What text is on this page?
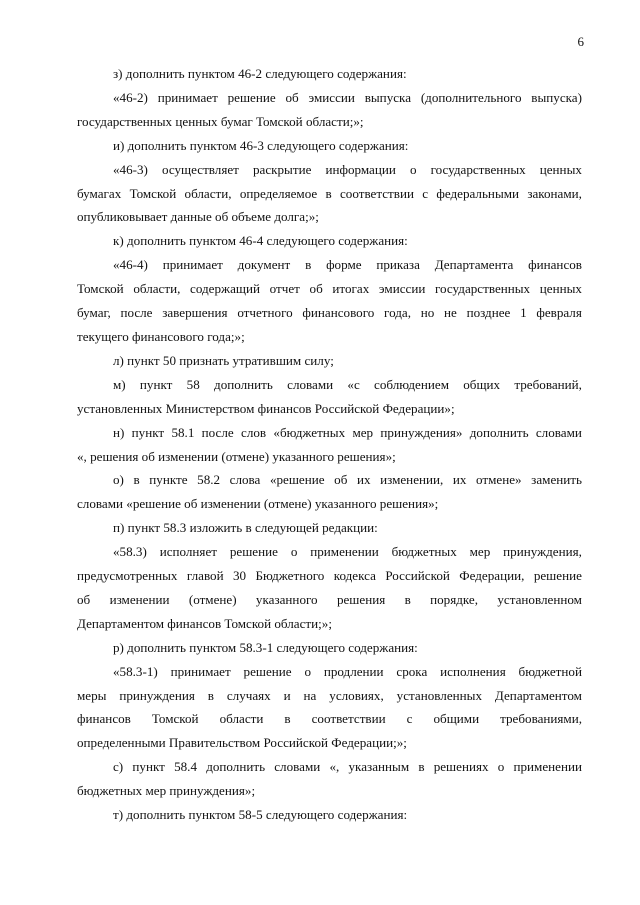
6
з) дополнить пунктом 46-2 следующего содержания:
«46-2) принимает решение об эмиссии выпуска (дополнительного выпуска)
государственных ценных бумаг Томской области;»;
и) дополнить пунктом 46-3 следующего содержания:
«46-3) осуществляет раскрытие информации о государственных ценных
бумагах Томской области, определяемое в соответствии с федеральными законами,
опубликовывает данные об объеме долга;»;
к) дополнить пунктом 46-4 следующего содержания:
«46-4) принимает документ в форме приказа Департамента финансов
Томской области, содержащий отчет об итогах эмиссии государственных ценных
бумаг, после завершения отчетного финансового года, но не позднее 1 февраля
текущего финансового года;»;
л) пункт 50 признать утратившим силу;
м) пункт 58 дополнить словами «с соблюдением общих требований,
установленных Министерством финансов Российской Федерации»;
н) пункт 58.1 после слов «бюджетных мер принуждения» дополнить словами
«, решения об изменении (отмене) указанного решения»;
о) в пункте 58.2 слова «решение об их изменении, их отмене» заменить
словами «решение об изменении (отмене) указанного решения»;
п) пункт 58.3 изложить в следующей редакции:
«58.3) исполняет решение о применении бюджетных мер принуждения,
предусмотренных главой 30 Бюджетного кодекса Российской Федерации, решение
об изменении (отмене) указанного решения в порядке, установленном
Департаментом финансов Томской области;»;
р) дополнить пунктом 58.3-1 следующего содержания:
«58.3-1) принимает решение о продлении срока исполнения бюджетной
меры принуждения в случаях и на условиях, установленных Департаментом
финансов Томской области в соответствии с общими требованиями,
определенными Правительством Российской Федерации;»;
с) пункт 58.4 дополнить словами «, указанным в решениях о применении
бюджетных мер принуждения»;
т) дополнить пунктом 58-5 следующего содержания:
